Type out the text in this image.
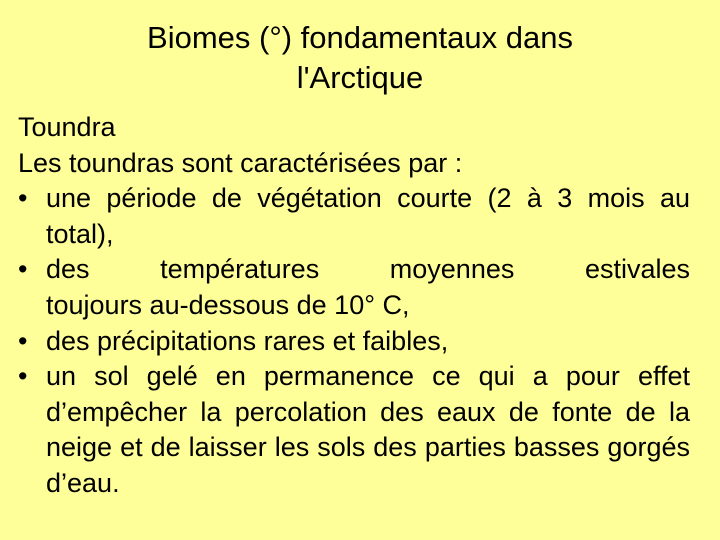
Biomes (°) fondamentaux dans
l'Arctique

Toundra

Les toundras sont caractérisées par :

• une période de végétation courte (2 à 3 mois au total),
• des températures moyennes estivales
toujours au-dessous de 10° C,
• des précipitations rares et faibles,
• un sol gelé en permanence ce qui a pour effet d’empêcher la percolation des eaux de fonte de la neige et de laisser les sols des parties basses gorgés d’eau.
